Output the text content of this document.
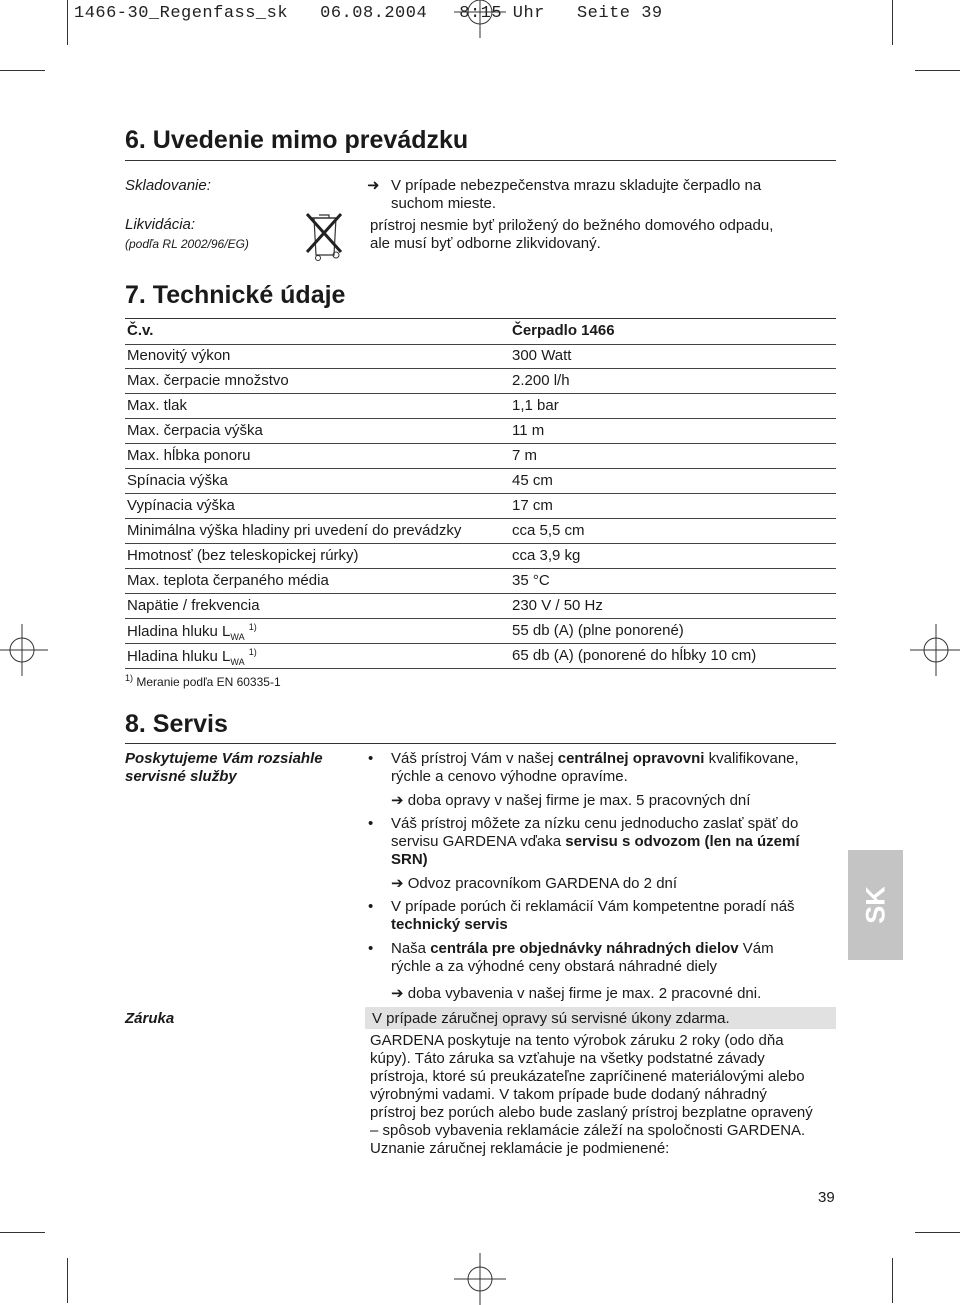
1466-30_Regenfass_sk   06.08.2004   8:15 Uhr   Seite 39
6. Uvedenie mimo prevádzku
Skladovanie:	➜ V prípade nebezpečenstva mrazu skladujte čerpadlo na
suchom mieste.
Likvidácia:
(podľa RL 2002/96/EG)
prístroj nesmie byť priložený do bežného domového odpadu,
ale musí byť odborne zlikvidovaný.
7. Technické údaje
Č.v.	Čerpadlo 1466
Menovitý výkon	300 Watt
Max. čerpacie množstvo	2.200 l/h
Max. tlak	1,1 bar
Max. čerpacia výška	11 m
Max. hĺbka ponoru	7 m
Spínacia výška	45 cm
Vypínacia výška	17 cm
Minimálna výška hladiny pri uvedení do prevádzky	cca 5,5 cm
Hmotnosť (bez teleskopickej rúrky)	cca 3,9 kg
Max. teplota čerpaného média	35 °C
Napätie / frekvencia	230 V / 50 Hz
Hladina hluku $L_{WA}$ $^{1)}$	55 db (A) (plne ponorené)
Hladina hluku $L_{WA}$ $^{1)}$	65 db (A) (ponorené do hĺbky 10 cm)
$^{1)}$ Meranie podľa EN 60335-1
8. Servis
Poskytujeme Vám rozsiahle
servisné služby
• Váš prístroj Vám v našej centrálnej opravovni kvalifikovane,
rýchle a cenovo výhodne opravíme.
➔ doba opravy v našej firme je max. 5 pracovných dní
• Váš prístroj môžete za nízku cenu jednoducho zaslať späť do
servisu GARDENA vďaka servisu s odvozom (len na území
SRN)
➔ Odvoz pracovníkom GARDENA do 2 dní
• V prípade porúch či reklamácií Vám kompetentne poradí náš
technický servis
• Naša centrála pre objednávky náhradných dielov Vám
rýchle a za výhodné ceny obstará náhradné diely
➔ doba vybavenia v našej firme je max. 2 pracovné dni.
Záruka	V prípade záručnej opravy sú servisné úkony zdarma.
GARDENA poskytuje na tento výrobok záruku 2 roky (odo dňa
kúpy). Táto záruka sa vzťahuje na všetky podstatné závady
prístroja, ktoré sú preukázateľne zapríčinené materiálovými alebo
výrobnými vadami. V takom prípade bude dodaný náhradný
prístroj bez porúch alebo bude zaslaný prístroj bezplatne opravený
– spôsob vybavenia reklamácie záleží na spoločnosti GARDENA.
Uznanie záručnej reklamácie je podmienené:
SK
39
